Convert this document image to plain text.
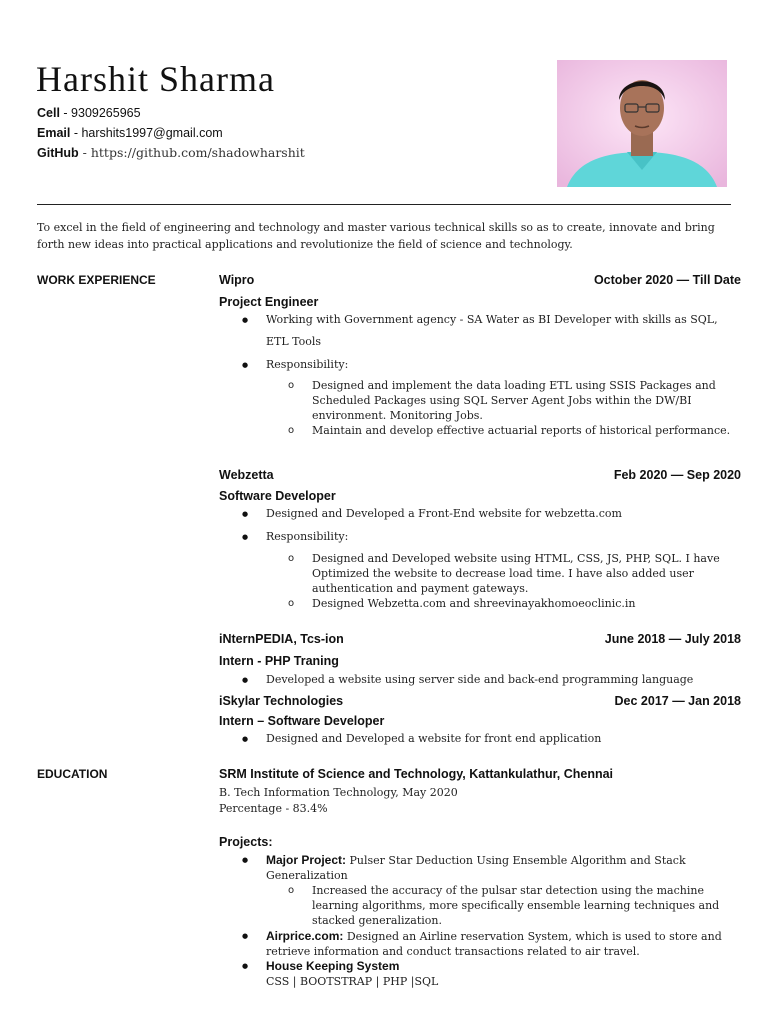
Harshit Sharma
Cell - 9309265965
Email - harshits1997@gmail.com
GitHub - https://github.com/shadowharshit
To excel in the field of engineering and technology and master various technical skills so as to create, innovate and bring forth new ideas into practical applications and revolutionize the field of science and technology.
WORK EXPERIENCE	Wipro	October 2020 — Till Date
Project Engineer
● Working with Government agency - SA Water as BI Developer with skills as SQL, ETL Tools
● Responsibility:
o Designed and implement the data loading ETL using SSIS Packages and Scheduled Packages using SQL Server Agent Jobs within the DW/BI environment. Monitoring Jobs.
o Maintain and develop effective actuarial reports of historical performance.
Webzetta	Feb 2020 — Sep 2020
Software Developer
● Designed and Developed a Front-End website for webzetta.com
● Responsibility:
o Designed and Developed website using HTML, CSS, JS, PHP, SQL. I have Optimized the website to decrease load time. I have also added user authentication and payment gateways.
o Designed Webzetta.com and shreevinayakhomoeoclinic.in
iNternPEDIA, Tcs-ion	June 2018 — July 2018
Intern - PHP Traning
● Developed a website using server side and back-end programming language
iSkylar Technologies	Dec 2017 — Jan 2018
Intern – Software Developer
● Designed and Developed a website for front end application
EDUCATION	SRM Institute of Science and Technology, Kattankulathur, Chennai
B. Tech Information Technology, May 2020
Percentage - 83.4%
Projects:
● Major Project: Pulser Star Deduction Using Ensemble Algorithm and Stack Generalization
o Increased the accuracy of the pulsar star detection using the machine learning algorithms, more specifically ensemble learning techniques and stacked generalization.
● Airprice.com: Designed an Airline reservation System, which is used to store and retrieve information and conduct transactions related to air travel.
● House Keeping System
CSS | BOOTSTRAP | PHP |SQL
